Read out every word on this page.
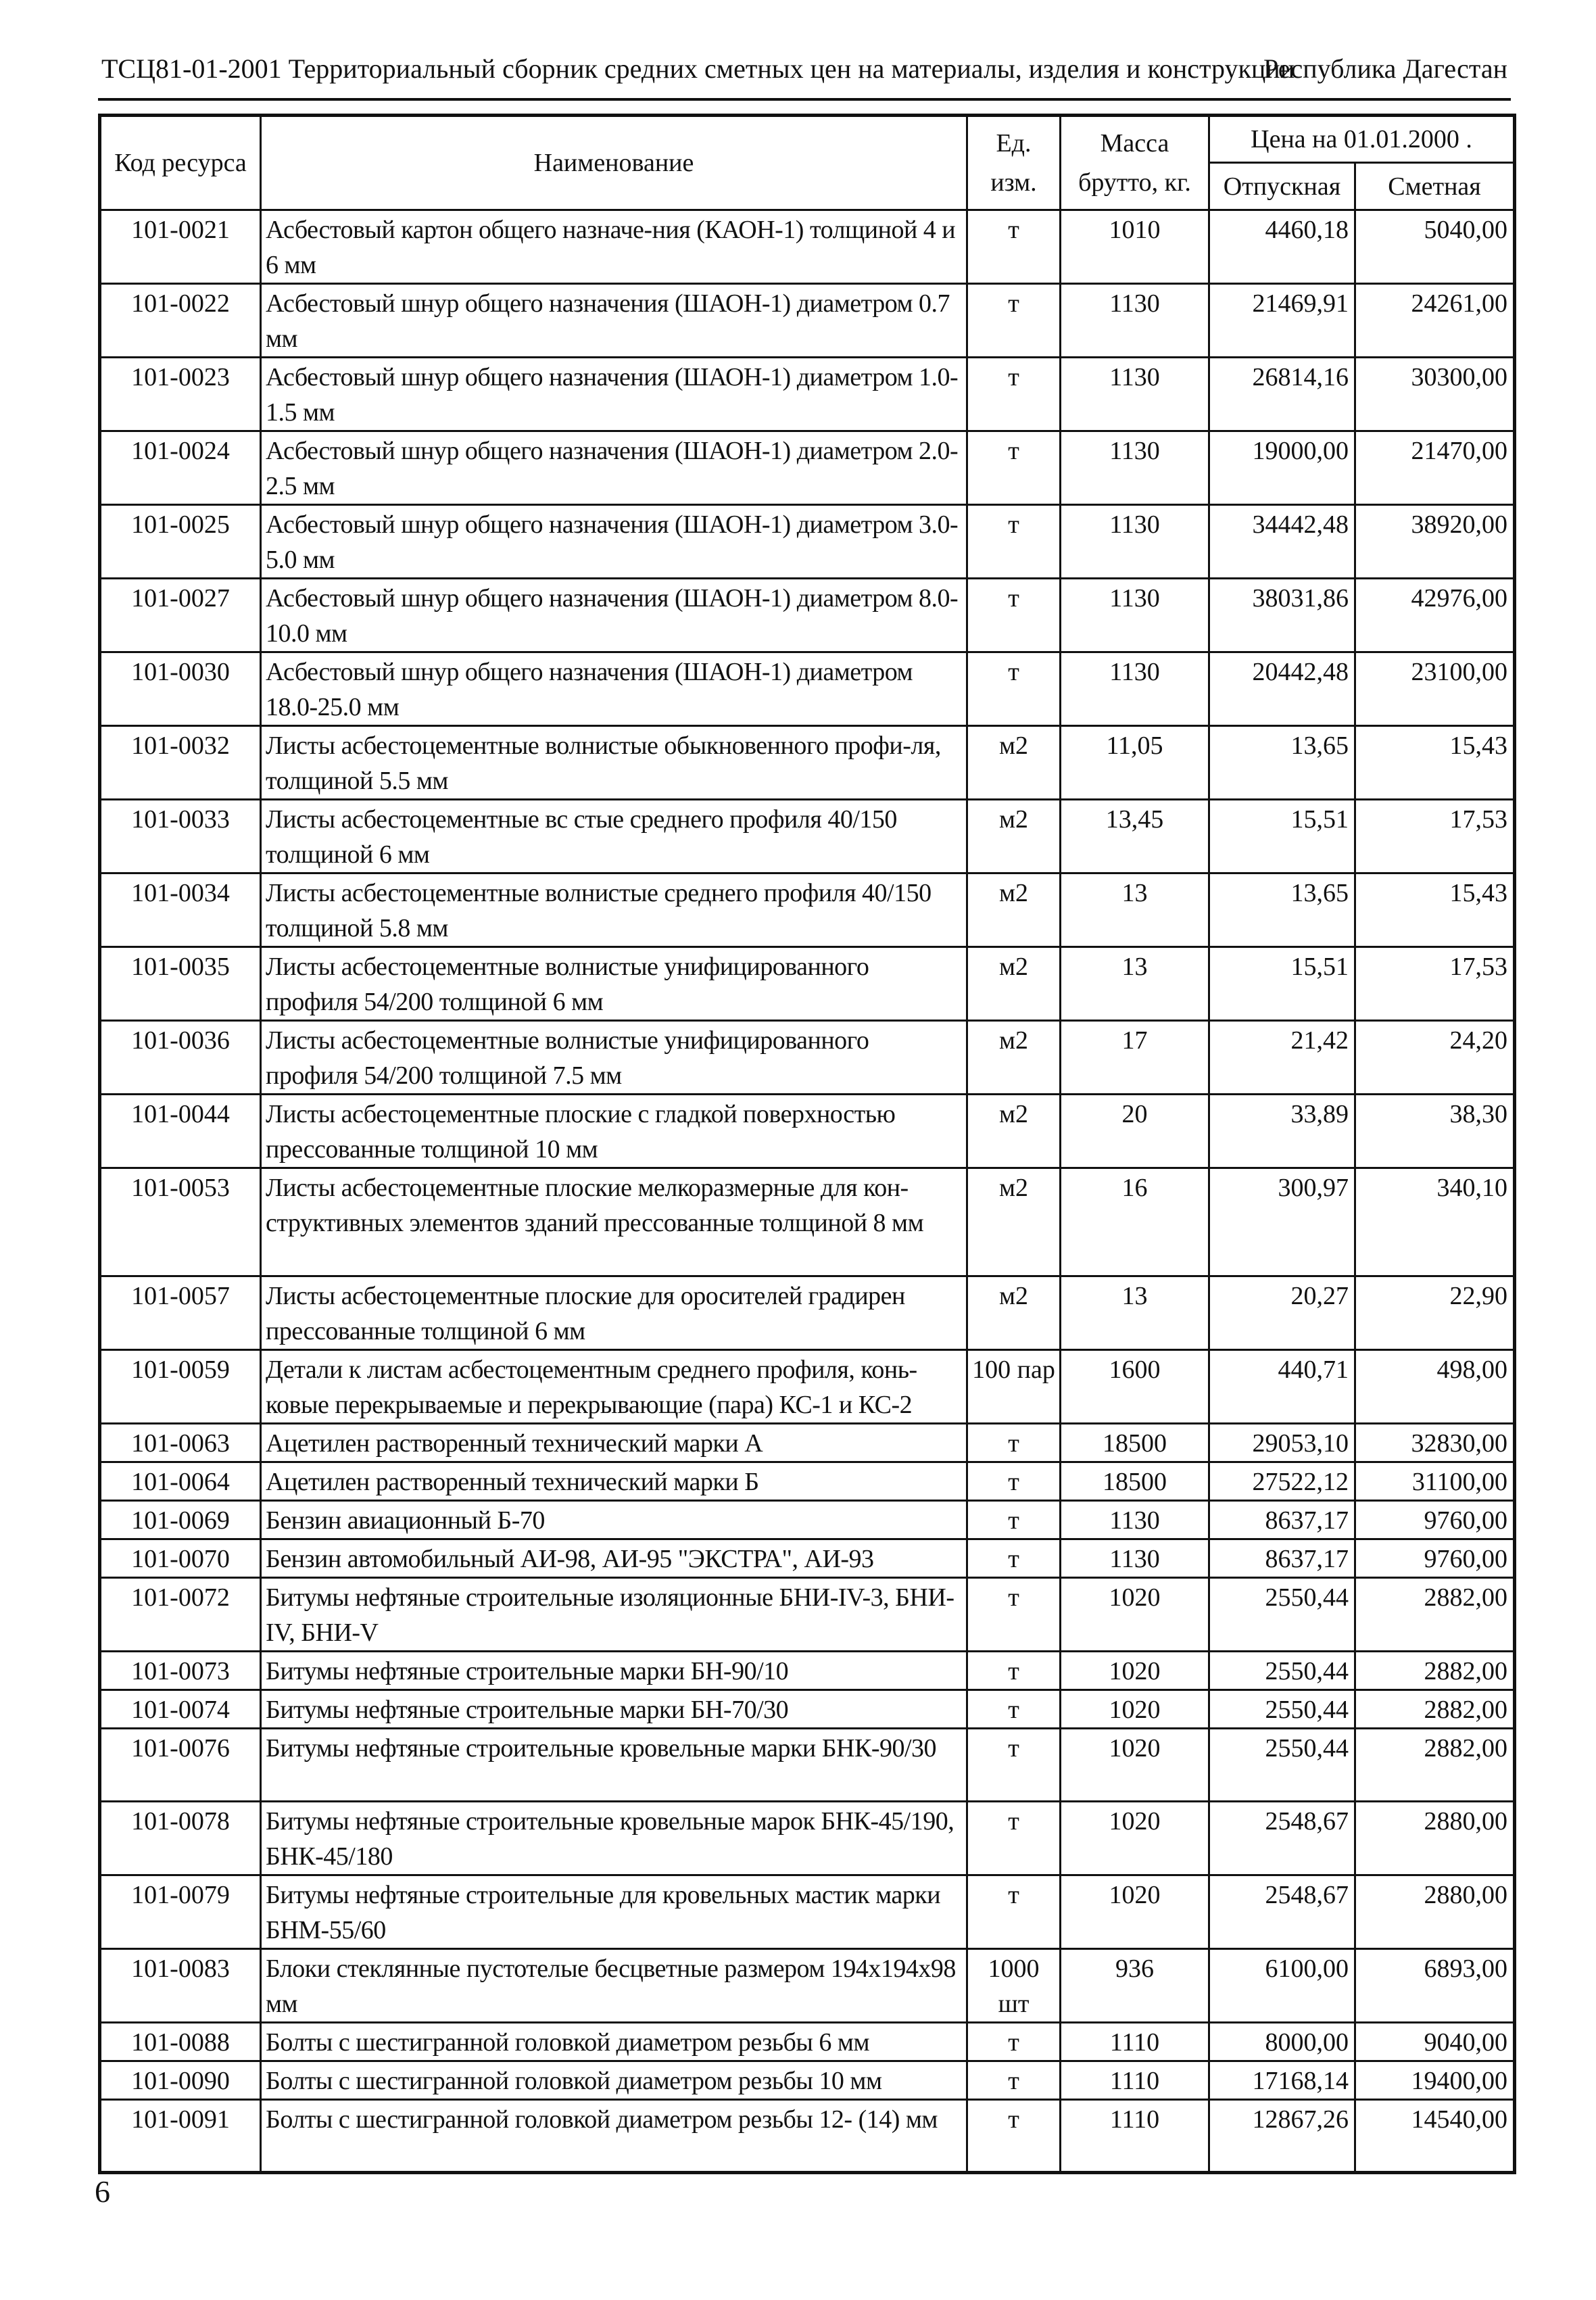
ТСЦ81-01-2001 Территориальный сборник средних сметных цен на материалы, изделия и конструкции
Республика Дагестан
Код ресурса	Наименование	Ед. изм.	Масса брутто, кг.	Цена на 01.01.2000 .	
				Отпускная	Сметная
101-0021	Асбестовый картон общего назначе-ния (КАОН-1) толщиной 4 и 6 мм	т	1010	4460,18	5040,00
101-0022	Асбестовый шнур общего назначения (ШАОН-1) диаметром 0.7 мм	т	1130	21469,91	24261,00
101-0023	Асбестовый шнур общего назначения (ШАОН-1) диаметром 1.0-1.5 мм	т	1130	26814,16	30300,00
101-0024	Асбестовый шнур общего назначения (ШАОН-1) диаметром 2.0-2.5 мм	т	1130	19000,00	21470,00
101-0025	Асбестовый шнур общего назначения (ШАОН-1) диаметром 3.0-5.0 мм	т	1130	34442,48	38920,00
101-0027	Асбестовый шнур общего назначения (ШАОН-1) диаметром 8.0-10.0 мм	т	1130	38031,86	42976,00
101-0030	Асбестовый шнур общего назначения (ШАОН-1) диаметром 18.0-25.0 мм	т	1130	20442,48	23100,00
101-0032	Листы асбестоцементные волнистые обыкновенного профи-ля, толщиной 5.5 мм	м2	11,05	13,65	15,43
101-0033	Листы асбестоцементные вс стые среднего профиля 40/150 толщиной 6 мм	м2	13,45	15,51	17,53
101-0034	Листы асбестоцементные волнистые среднего профиля 40/150 толщиной 5.8 мм	м2	13	13,65	15,43
101-0035	Листы асбестоцементные волнистые унифицированного профиля 54/200 толщиной 6 мм	м2	13	15,51	17,53
101-0036	Листы асбестоцементные волнистые унифицированного профиля 54/200 толщиной 7.5 мм	м2	17	21,42	24,20
101-0044	Листы асбестоцементные плоские с гладкой поверхностью прессованные толщиной 10 мм	м2	20	33,89	38,30
101-0053	Листы асбестоцементные плоские мелкоразмерные для кон-структивных элементов зданий прессованные толщиной 8 мм	м2	16	300,97	340,10
101-0057	Листы асбестоцементные плоские для оросителей градирен прессованные толщиной 6 мм	м2	13	20,27	22,90
101-0059	Детали к листам асбестоцементным среднего профиля, конь-ковые перекрываемые и перекрывающие (пара) КС-1 и КС-2	100 пар	1600	440,71	498,00
101-0063	Ацетилен растворенный технический марки А	т	18500	29053,10	32830,00
101-0064	Ацетилен растворенный технический марки Б	т	18500	27522,12	31100,00
101-0069	Бензин авиационный Б-70	т	1130	8637,17	9760,00
101-0070	Бензин автомобильный АИ-98, АИ-95 "ЭКСТРА", АИ-93	т	1130	8637,17	9760,00
101-0072	Битумы нефтяные строительные изоляционные БНИ-IV-3, БНИ-IV, БНИ-V	т	1020	2550,44	2882,00
101-0073	Битумы нефтяные строительные марки БН-90/10	т	1020	2550,44	2882,00
101-0074	Битумы нефтяные строительные марки БН-70/30	т	1020	2550,44	2882,00
101-0076	Битумы нефтяные строительные кровельные марки БНК-90/30	т	1020	2550,44	2882,00
101-0078	Битумы нефтяные строительные кровельные марок БНК-45/190, БНК-45/180	т	1020	2548,67	2880,00
101-0079	Битумы нефтяные строительные для кровельных мастик марки БНМ-55/60	т	1020	2548,67	2880,00
101-0083	Блоки стеклянные пустотелые бесцветные размером 194x194x98 мм	1000 шт	936	6100,00	6893,00
101-0088	Болты с шестигранной головкой диаметром резьбы 6 мм	т	1110	8000,00	9040,00
101-0090	Болты с шестигранной головкой диаметром резьбы 10 мм	т	1110	17168,14	19400,00
101-0091	Болты с шестигранной головкой диаметром резьбы 12- (14) мм	т	1110	12867,26	14540,00
6
